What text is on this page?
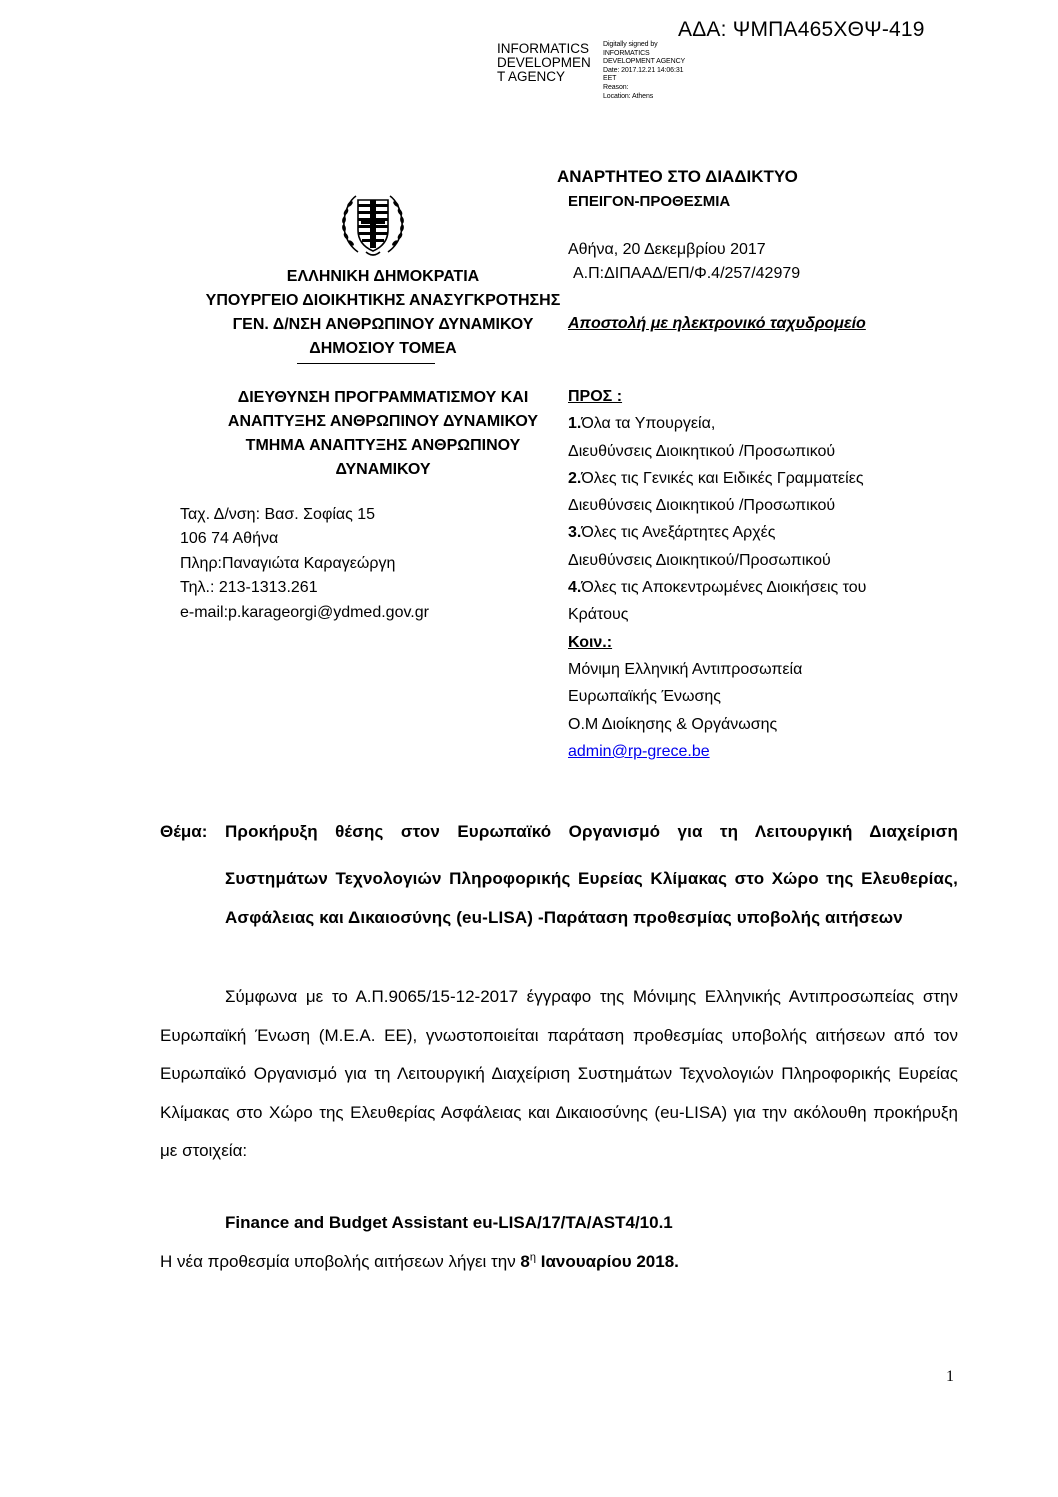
ΑΔΑ: ΨΜΠΑ465ΧΘΨ-419
INFORMATICS
DEVELOPMEN
T AGENCY
Digitally signed by
INFORMATICS
DEVELOPMENT AGENCY
Date: 2017.12.21 14:06:31
EET
Reason:
Location: Athens
ΑΝΑΡΤΗΤΕΟ ΣΤΟ ΔΙΑΔΙΚΤΥΟ
ΕΠΕΙΓΟΝ-ΠΡΟΘΕΣΜΙΑ
Αθήνα, 20 Δεκεμβρίου 2017
Α.Π:ΔΙΠΑΑΔ/ΕΠ/Φ.4/257/42979
Αποστολή με ηλεκτρονικό ταχυδρομείο
ΕΛΛΗΝΙΚΗ ΔΗΜΟΚΡΑΤΙΑ
ΥΠΟΥΡΓΕΙΟ ΔΙΟΙΚΗΤΙΚΗΣ ΑΝΑΣΥΓΚΡΟΤΗΣΗΣ
ΓΕΝ. Δ/ΝΣΗ ΑΝΘΡΩΠΙΝΟΥ ΔΥΝΑΜΙΚΟΥ
ΔΗΜΟΣΙΟΥ ΤΟΜΕΑ
ΔΙΕΥΘΥΝΣΗ ΠΡΟΓΡΑΜΜΑΤΙΣΜΟΥ ΚΑΙ
ΑΝΑΠΤΥΞΗΣ ΑΝΘΡΩΠΙΝΟΥ ΔΥΝΑΜΙΚΟΥ
ΤΜΗΜΑ ΑΝΑΠΤΥΞΗΣ ΑΝΘΡΩΠΙΝΟΥ
ΔΥΝΑΜΙΚΟΥ
Ταχ. Δ/νση: Βασ. Σοφίας 15
106 74 Αθήνα
Πληρ:Παναγιώτα Καραγεώργη
Τηλ.: 213-1313.261
e-mail:p.karageorgi@ydmed.gov.gr
ΠΡΟΣ :
1.Όλα τα Υπουργεία,
Διευθύνσεις Διοικητικού /Προσωπικού
2.Όλες τις Γενικές και Ειδικές Γραμματείες
Διευθύνσεις Διοικητικού /Προσωπικού
3.Όλες τις Ανεξάρτητες Αρχές
Διευθύνσεις Διοικητικού/Προσωπικού
4.Όλες τις Αποκεντρωμένες Διοικήσεις του
Κράτους
Κοιν.:
Μόνιμη Ελληνική Αντιπροσωπεία
Ευρωπαϊκής Ένωσης
Ο.Μ Διοίκησης & Οργάνωσης
admin@rp-grece.be
Θέμα: Προκήρυξη θέσης στον Ευρωπαϊκό Οργανισμό για τη Λειτουργική Διαχείριση
Συστημάτων Τεχνολογιών Πληροφορικής Ευρείας Κλίμακας στο Χώρο της Ελευθερίας, Ασφάλειας και Δικαιοσύνης (eu-LISA) -Παράταση προθεσμίας υποβολής αιτήσεων
Σύμφωνα με το Α.Π.9065/15-12-2017 έγγραφο της Μόνιμης Ελληνικής Αντιπροσωπείας στην Ευρωπαϊκή Ένωση (Μ.Ε.Α. ΕΕ), γνωστοποιείται παράταση προθεσμίας υποβολής αιτήσεων από τον Ευρωπαϊκό Οργανισμό για τη Λειτουργική Διαχείριση Συστημάτων Τεχνολογιών Πληροφορικής Ευρείας Κλίμακας στο Χώρο της Ελευθερίας Ασφάλειας και Δικαιοσύνης (eu-LISA) για την ακόλουθη προκήρυξη με στοιχεία:
Finance and Budget Assistant eu-LISA/17/TA/AST4/10.1
Η νέα προθεσμία υποβολής αιτήσεων λήγει την $8^\eta$ Ιανουαρίου 2018.
1
